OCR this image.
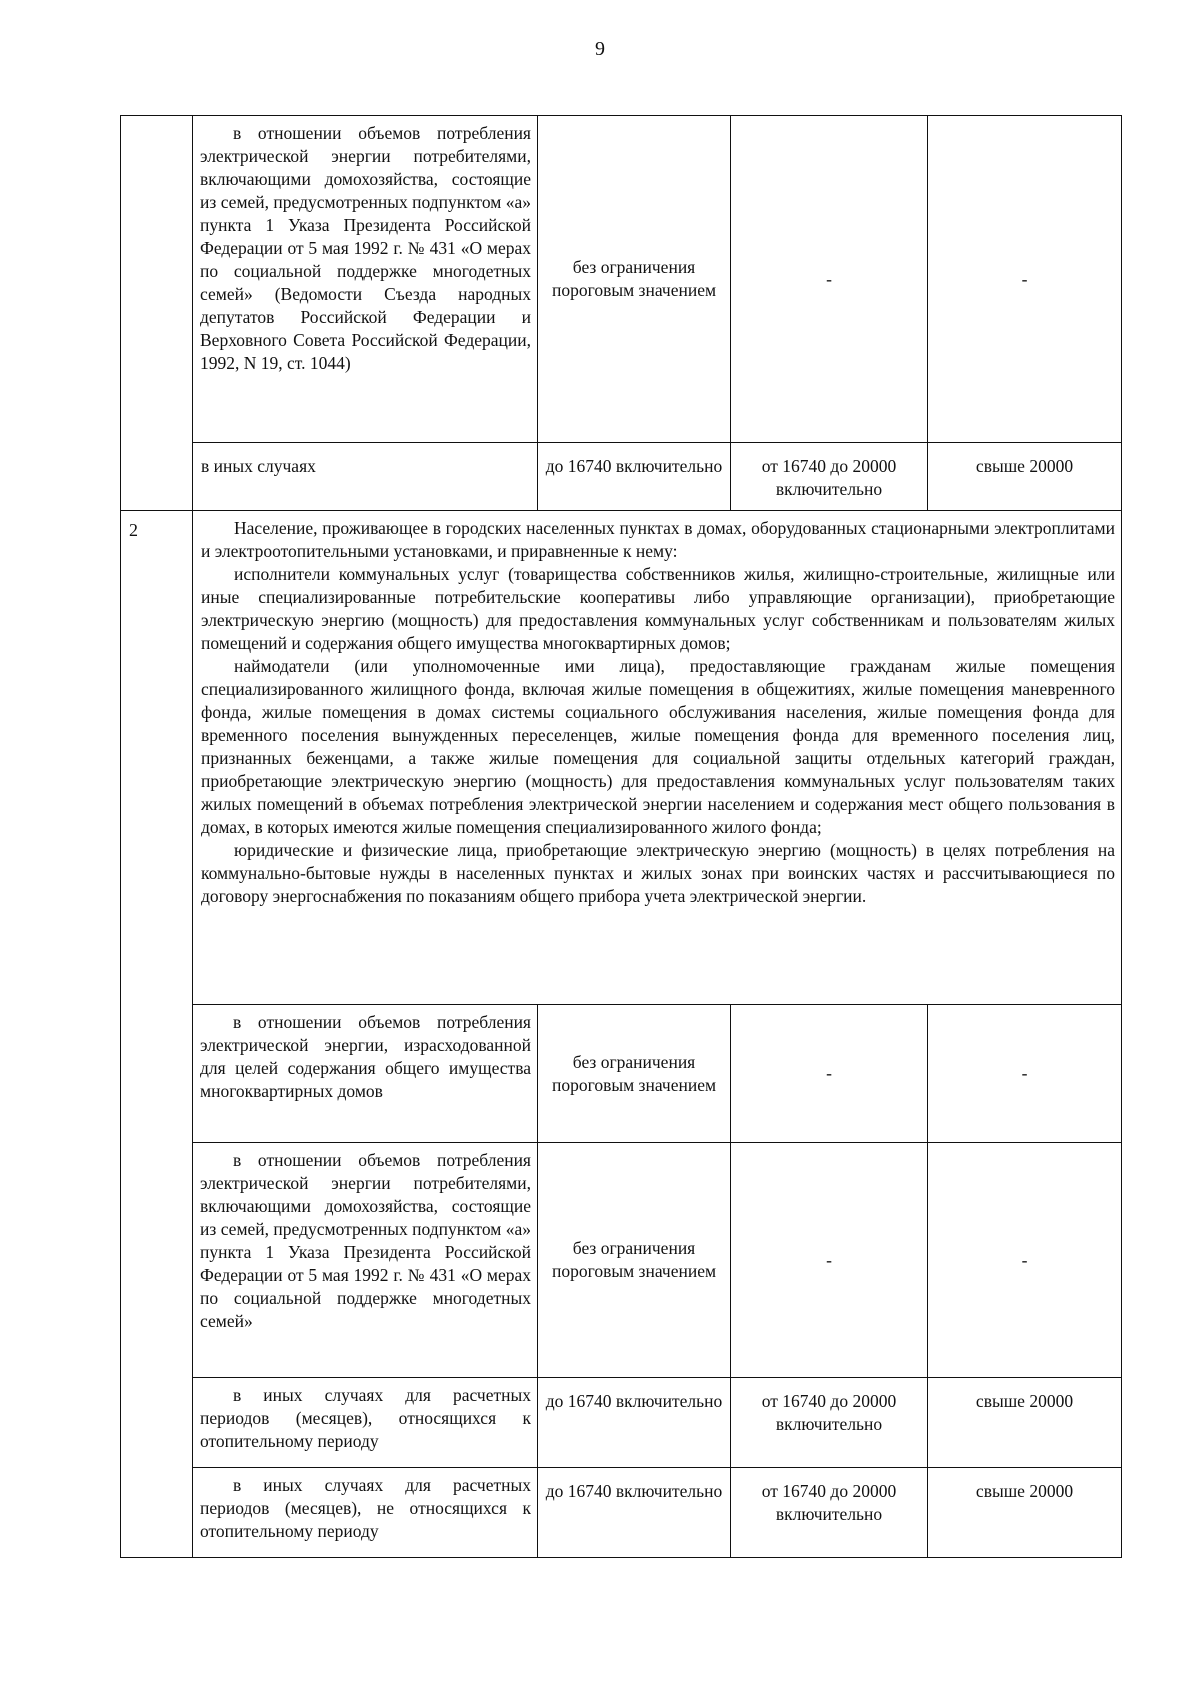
9
	в отношении объемов потребления электрической энергии потребителями, включающими домохозяйства, состоящие из семей, предусмотренных подпунктом «а» пункта 1 Указа Президента Российской Федерации от 5 мая 1992 г. № 431 «О мерах по социальной поддержке многодетных семей» (Ведомости Съезда народных депутатов Российской Федерации и Верховного Совета Российской Федерации, 1992, N 19, ст. 1044)	без ограничения пороговым значением	-	-
	в иных случаях	до 16740 включительно	от 16740 до 20000 включительно	свыше 20000
2	Население, проживающее в городских населенных пунктах в домах, оборудованных стационарными электроплитами и электроотопительными установками, и приравненные к нему:

исполнители коммунальных услуг (товарищества собственников жилья, жилищно-строительные, жилищные или иные специализированные потребительские кооперативы либо управляющие организации), приобретающие электрическую энергию (мощность) для предоставления коммунальных услуг собственникам и пользователям жилых помещений и содержания общего имущества многоквартирных домов;

наймодатели (или уполномоченные ими лица), предоставляющие гражданам жилые помещения специализированного жилищного фонда, включая жилые помещения в общежитиях, жилые помещения маневренного фонда, жилые помещения в домах системы социального обслуживания населения, жилые помещения фонда для временного поселения вынужденных переселенцев, жилые помещения фонда для временного поселения лиц, признанных беженцами, а также жилые помещения для социальной защиты отдельных категорий граждан, приобретающие электрическую энергию (мощность) для предоставления коммунальных услуг пользователям таких жилых помещений в объемах потребления электрической энергии населением и содержания мест общего пользования в домах, в которых имеются жилые помещения специализированного жилого фонда;

юридические и физические лица, приобретающие электрическую энергию (мощность) в целях потребления на коммунально-бытовые нужды в населенных пунктах и жилых зонах при воинских частях и рассчитывающиеся по договору энергоснабжения по показаниям общего прибора учета электрической энергии.			

	в отношении объемов потребления электрической энергии, израсходованной для целей содержания общего имущества многоквартирных домов	без ограничения пороговым значением	-	-
	в отношении объемов потребления электрической энергии потребителями, включающими домохозяйства, состоящие из семей, предусмотренных подпунктом «а» пункта 1 Указа Президента Российской Федерации от 5 мая 1992 г. № 431 «О мерах по социальной поддержке многодетных семей»	без ограничения пороговым значением	-	-
	в иных случаях для расчетных периодов (месяцев), относящихся к отопительному периоду	до 16740 включительно	от 16740 до 20000 включительно	свыше 20000
	в иных случаях для расчетных периодов (месяцев), не относящихся к отопительному периоду	до 16740 включительно	от 16740 до 20000 включительно	свыше 20000
